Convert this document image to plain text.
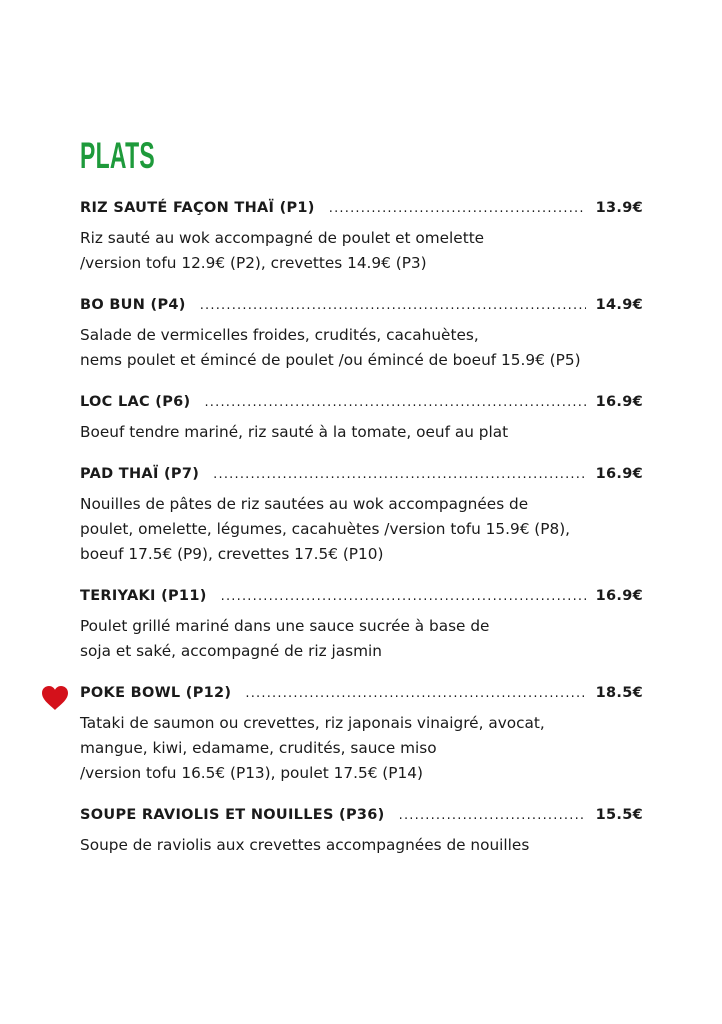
PLATS
RIZ SAUTÉ FAÇON THAÏ (P1) .....	13.9€

Riz sauté au wok accompagné de poulet et omelette
/version tofu 12.9€ (P2), crevettes 14.9€ (P3)

BO BUN (P4) .....	14.9€

Salade de vermicelles froides, crudités, cacahuètes,
nems poulet et émincé de poulet /ou émincé de boeuf 15.9€ (P5)

LOC LAC (P6) .....	16.9€

Boeuf tendre mariné, riz sauté à la tomate, oeuf au plat

PAD THAÏ (P7) .....	16.9€

Nouilles de pâtes de riz sautées au wok accompagnées de
poulet, omelette, légumes, cacahuètes /version tofu 15.9€ (P8),
boeuf 17.5€ (P9), crevettes 17.5€ (P10)

TERIYAKI (P11) .....	16.9€

Poulet grillé mariné dans une sauce sucrée à base de
soja et saké, accompagné de riz jasmin

POKE BOWL (P12) .....	18.5€

Tataki de saumon ou crevettes, riz japonais vinaigré, avocat,
mangue, kiwi, edamame, crudités, sauce miso
/version tofu 16.5€ (P13), poulet 17.5€ (P14)

SOUPE RAVIOLIS ET NOUILLES (P36) .....	15.5€

Soupe de raviolis aux crevettes accompagnées de nouilles
